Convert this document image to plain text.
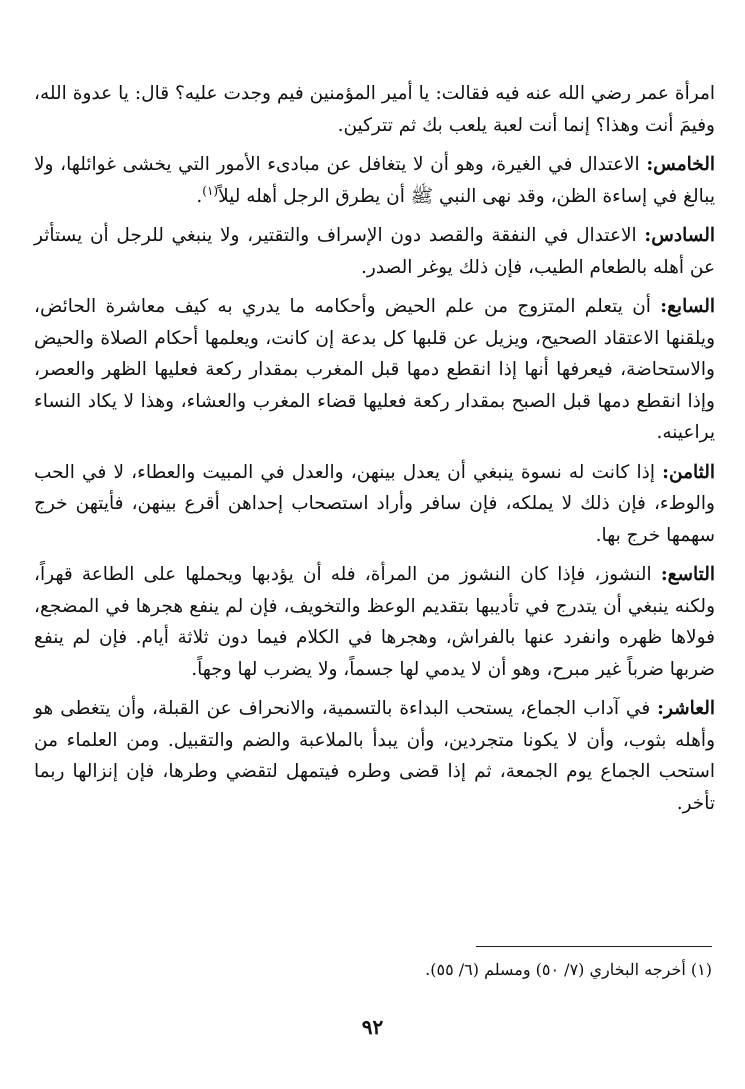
امرأة عمر رضي الله عنه فيه فقالت: يا أمير المؤمنين فيم وجدت عليه؟ قال: يا عدوة الله، وفيمَ أنت وهذا؟ إنما أنت لعبة يلعب بك ثم تتركين.

الخامس: الاعتدال في الغيرة، وهو أن لا يتغافل عن مبادىء الأمور التي يخشى غوائلها، ولا يبالغ في إساءة الظن، وقد نهى النبي ﷺ أن يطرق الرجل أهله ليلاً$^{(١)}$.

السادس: الاعتدال في النفقة والقصد دون الإسراف والتقتير، ولا ينبغي للرجل أن يستأثر عن أهله بالطعام الطيب، فإن ذلك يوغر الصدر.

السابع: أن يتعلم المتزوج من علم الحيض وأحكامه ما يدري به كيف معاشرة الحائض، ويلقنها الاعتقاد الصحيح، ويزيل عن قلبها كل بدعة إن كانت، ويعلمها أحكام الصلاة والحيض والاستحاضة، فيعرفها أنها إذا انقطع دمها قبل المغرب بمقدار ركعة فعليها الظهر والعصر، وإذا انقطع دمها قبل الصبح بمقدار ركعة فعليها قضاء المغرب والعشاء، وهذا لا يكاد النساء يراعينه.

الثامن: إذا كانت له نسوة ينبغي أن يعدل بينهن، والعدل في المبيت والعطاء، لا في الحب والوطء، فإن ذلك لا يملكه، فإن سافر وأراد استصحاب إحداهن أقرع بينهن، فأيتهن خرج سهمها خرج بها.

التاسع: النشوز، فإذا كان النشوز من المرأة، فله أن يؤدبها ويحملها على الطاعة قهراً، ولكنه ينبغي أن يتدرج في تأديبها بتقديم الوعظ والتخويف، فإن لم ينفع هجرها في المضجع، فولاها ظهره وانفرد عنها بالفراش، وهجرها في الكلام فيما دون ثلاثة أيام. فإن لم ينفع ضربها ضرباً غير مبرح، وهو أن لا يدمي لها جسماً، ولا يضرب لها وجهاً.

العاشر: في آداب الجماع، يستحب البداءة بالتسمية، والانحراف عن القبلة، وأن يتغطى هو وأهله بثوب، وأن لا يكونا متجردين، وأن يبدأ بالملاعبة والضم والتقبيل. ومن العلماء من استحب الجماع يوم الجمعة، ثم إذا قضى وطره فيتمهل لتقضي وطرها، فإن إنزالها ربما تأخر.

(١) أخرجه البخاري (٧/ ٥٠) ومسلم (٦/ ٥٥).
٩٢
